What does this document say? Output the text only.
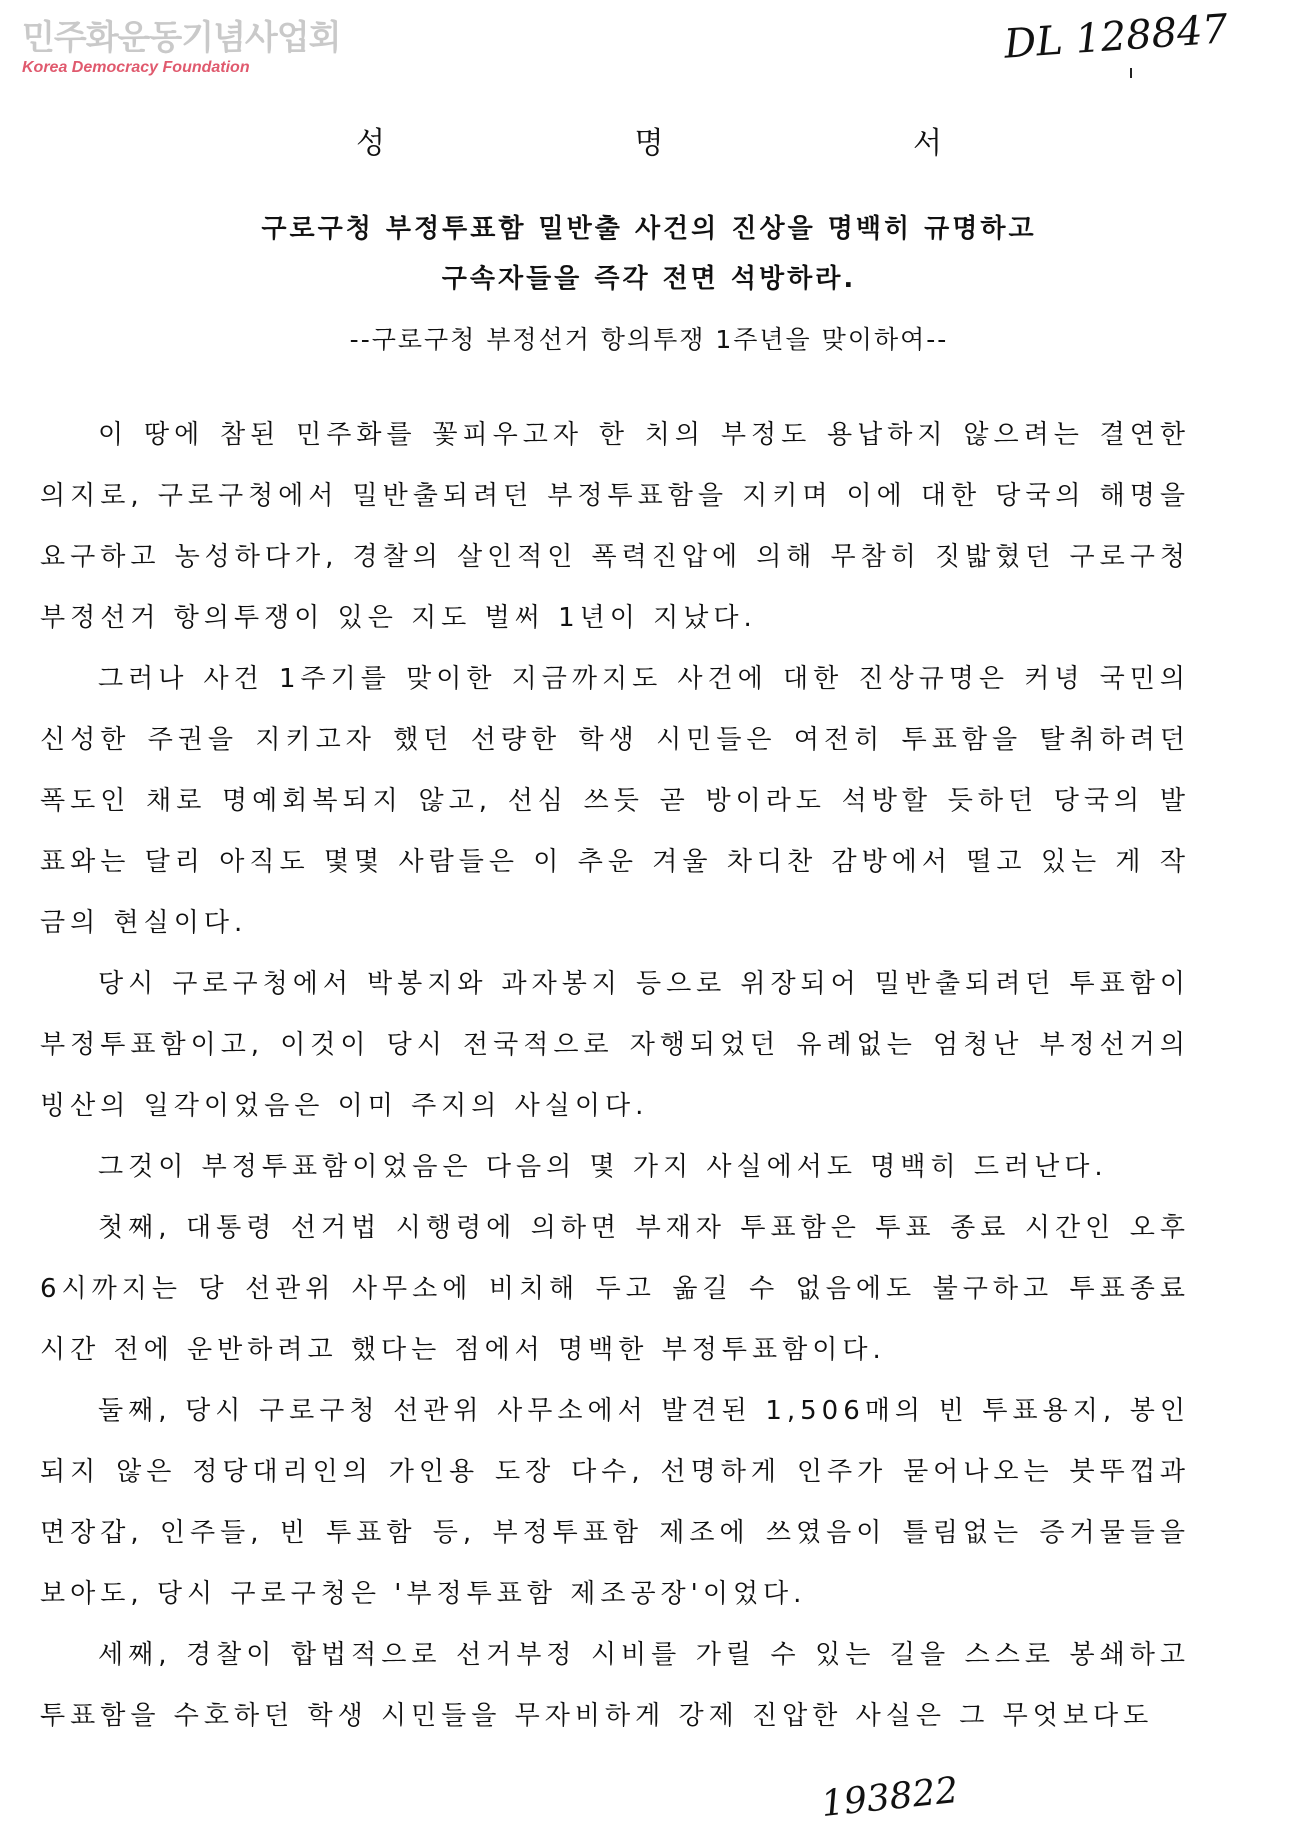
민주화운동기념사업회
Korea Democracy Foundation	DL 128847
성 명 서
구로구청 부정투표함 밀반출 사건의 진상을 명백히 규명하고
구속자들을 즉각 전면 석방하라.
--구로구청 부정선거 항의투쟁 1주년을 맞이하여--

이 땅에 참된 민주화를 꽃피우고자 한 치의 부정도 용납하지 않으려는 결연한 의지로, 구로구청에서 밀반출되려던 부정투표함을 지키며 이에 대한 당국의 해명을 요구하고 농성하다가, 경찰의 살인적인 폭력진압에 의해 무참히 짓밟혔던 구로구청 부정선거 항의투쟁이 있은 지도 벌써 1년이 지났다.

그러나 사건 1주기를 맞이한 지금까지도 사건에 대한 진상규명은 커녕 국민의 신성한 주권을 지키고자 했던 선량한 학생 시민들은 여전히 투표함을 탈취하려던 폭도인 채로 명예회복되지 않고, 선심 쓰듯 곧 방이라도 석방할 듯하던 당국의 발표와는 달리 아직도 몇몇 사람들은 이 추운 겨울 차디찬 감방에서 떨고 있는 게 작금의 현실이다.

당시 구로구청에서 박봉지와 과자봉지 등으로 위장되어 밀반출되려던 투표함이 부정투표함이고, 이것이 당시 전국적으로 자행되었던 유례없는 엄청난 부정선거의 빙산의 일각이었음은 이미 주지의 사실이다.

그것이 부정투표함이었음은 다음의 몇 가지 사실에서도 명백히 드러난다.

첫째, 대통령 선거법 시행령에 의하면 부재자 투표함은 투표 종료 시간인 오후 6시까지는 당 선관위 사무소에 비치해 두고 옮길 수 없음에도 불구하고 투표종료 시간 전에 운반하려고 했다는 점에서 명백한 부정투표함이다.

둘째, 당시 구로구청 선관위 사무소에서 발견된 1,506매의 빈 투표용지, 봉인되지 않은 정당대리인의 가인용 도장 다수, 선명하게 인주가 묻어나오는 붓뚜껍과 면장갑, 인주들, 빈 투표함 등, 부정투표함 제조에 쓰였음이 틀림없는 증거물들을 보아도, 당시 구로구청은 '부정투표함 제조공장'이었다.

세째, 경찰이 합법적으로 선거부정 시비를 가릴 수 있는 길을 스스로 봉쇄하고 투표함을 수호하던 학생 시민들을 무자비하게 강제 진압한 사실은 그 무엇보다도

193822
